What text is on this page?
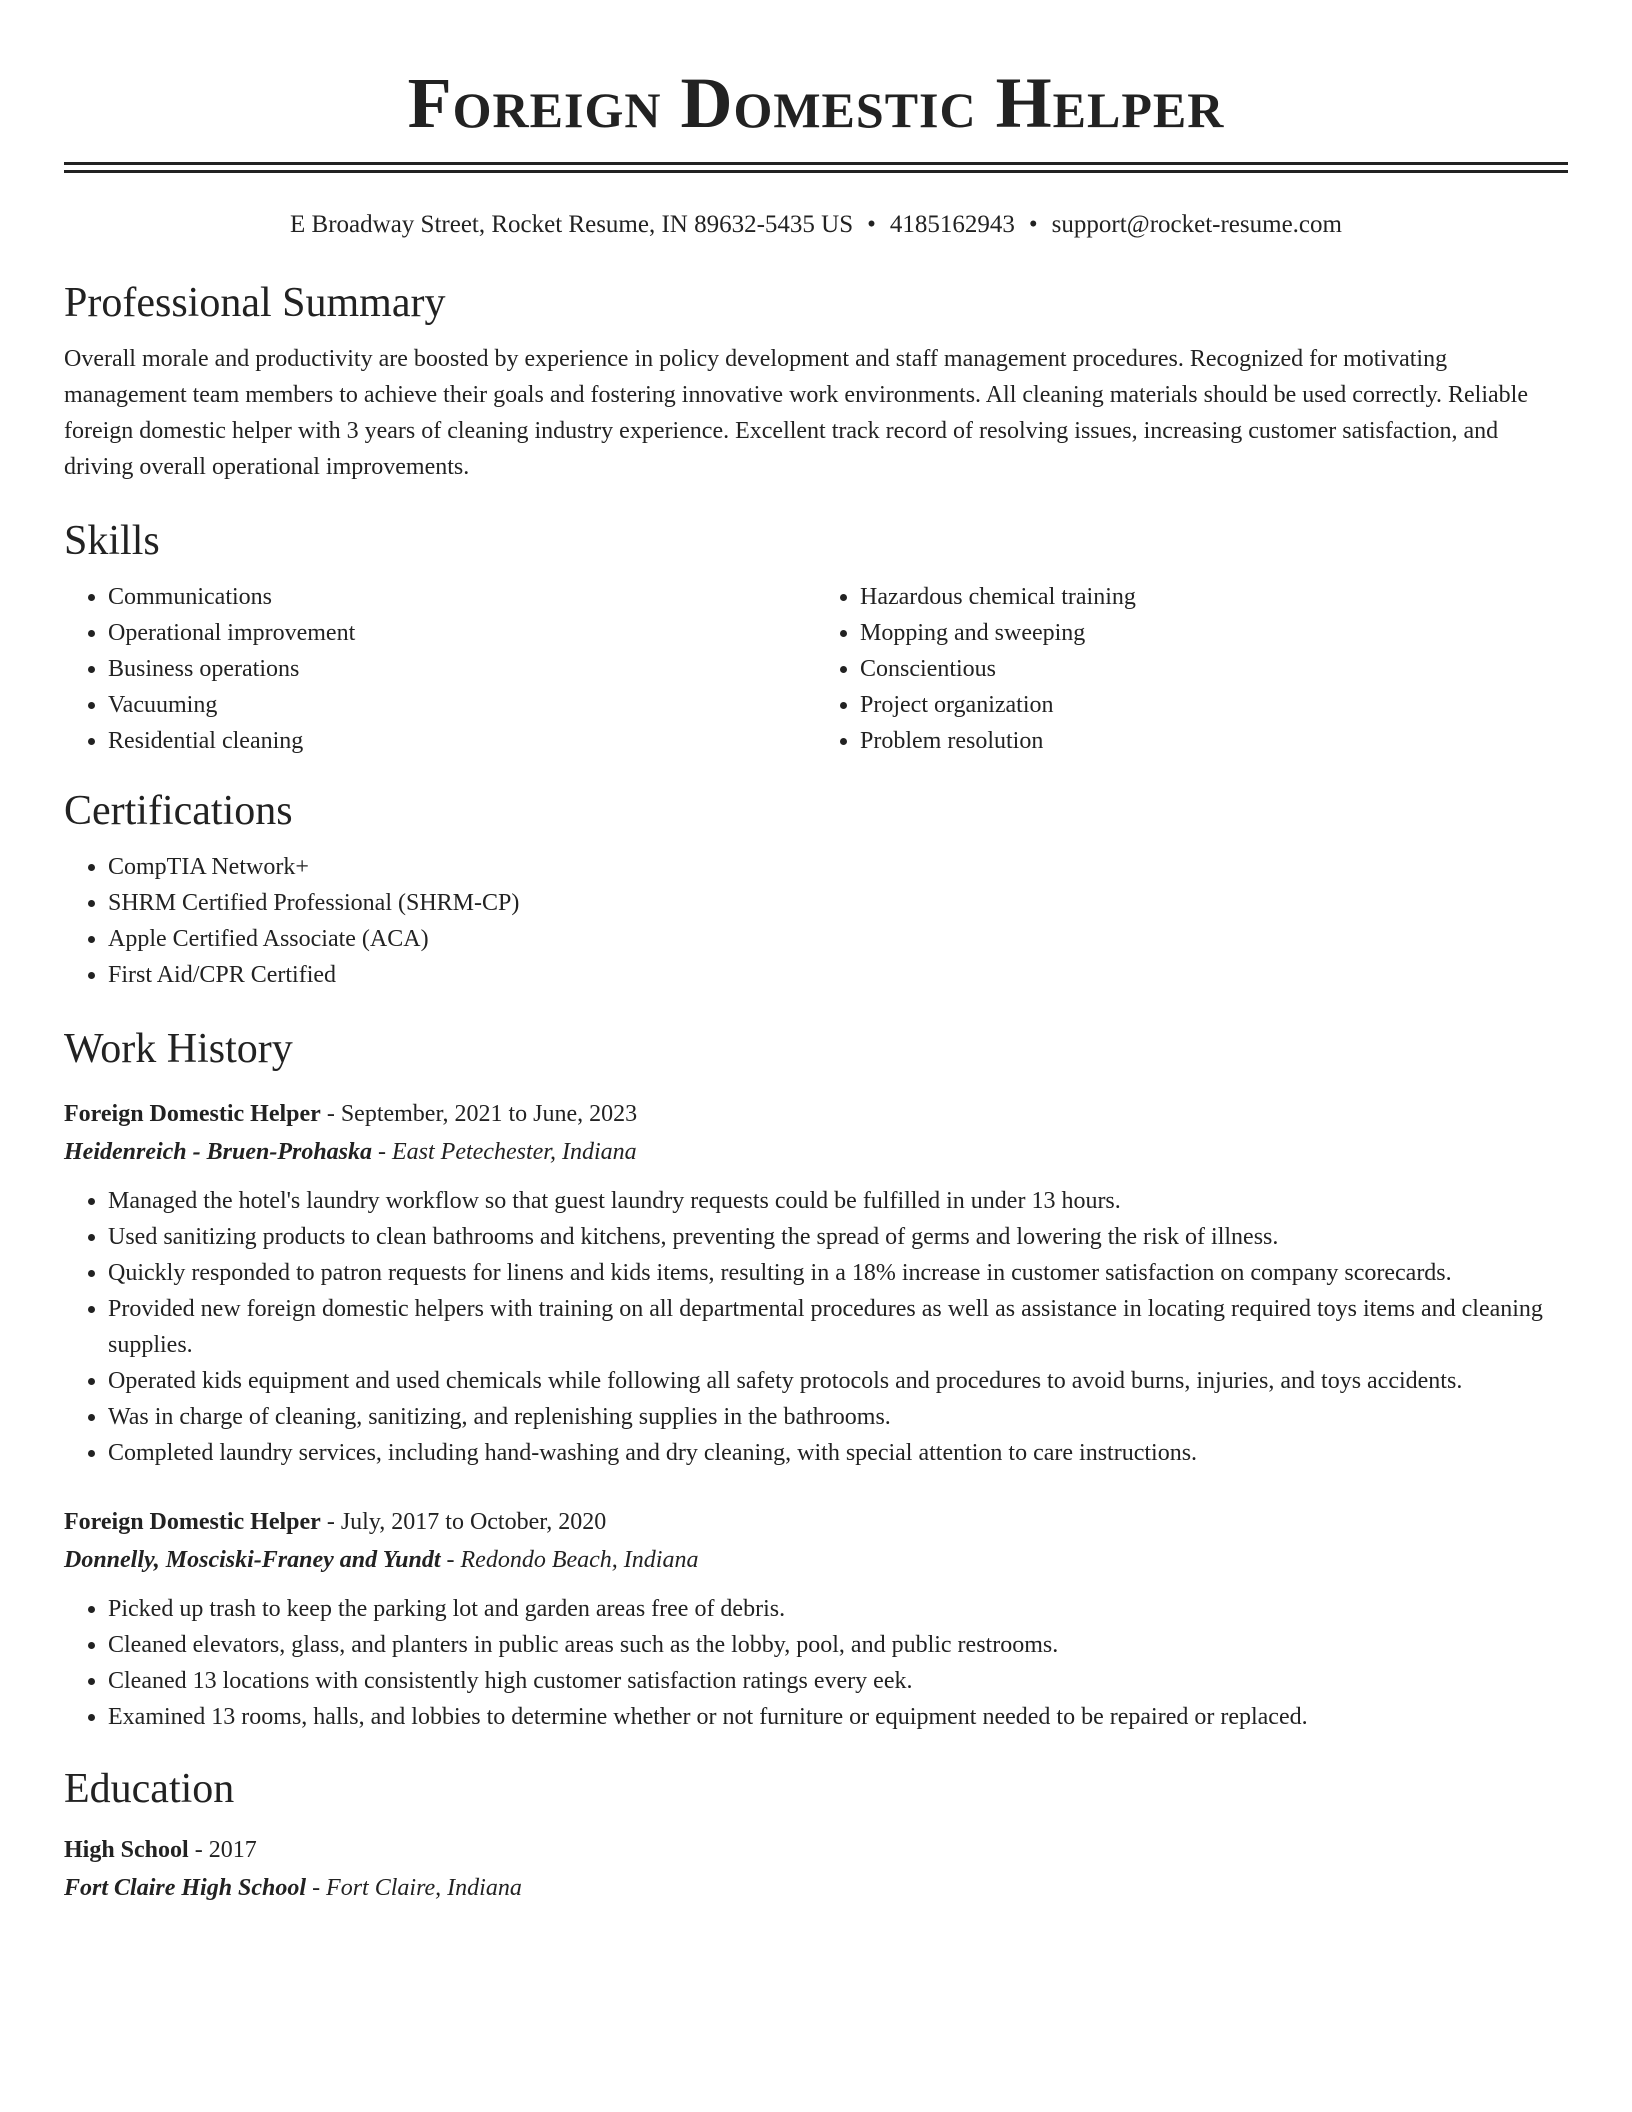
Foreign Domestic Helper
E Broadway Street, Rocket Resume, IN 89632-5435 US • 4185162943 • support@rocket-resume.com
Professional Summary

Overall morale and productivity are boosted by experience in policy development and staff management procedures. Recognized for motivating management team members to achieve their goals and fostering innovative work environments. All cleaning materials should be used correctly. Reliable foreign domestic helper with 3 years of cleaning industry experience. Excellent track record of resolving issues, increasing customer satisfaction, and driving overall operational improvements.

Skills
• Communications
• Operational improvement
• Business operations
• Vacuuming
• Residential cleaning
• Hazardous chemical training
• Mopping and sweeping
• Conscientious
• Project organization
• Problem resolution
Certifications
• CompTIA Network+
• SHRM Certified Professional (SHRM-CP)
• Apple Certified Associate (ACA)
• First Aid/CPR Certified
Work History
Foreign Domestic Helper - September, 2021 to June, 2023
Heidenreich - Bruen-Prohaska - East Petechester, Indiana
• Managed the hotel's laundry workflow so that guest laundry requests could be fulfilled in under 13 hours.
• Used sanitizing products to clean bathrooms and kitchens, preventing the spread of germs and lowering the risk of illness.
• Quickly responded to patron requests for linens and kids items, resulting in a 18% increase in customer satisfaction on company scorecards.
• Provided new foreign domestic helpers with training on all departmental procedures as well as assistance in locating required toys items and cleaning supplies.
• Operated kids equipment and used chemicals while following all safety protocols and procedures to avoid burns, injuries, and toys accidents.
• Was in charge of cleaning, sanitizing, and replenishing supplies in the bathrooms.
• Completed laundry services, including hand-washing and dry cleaning, with special attention to care instructions.
Foreign Domestic Helper - July, 2017 to October, 2020
Donnelly, Mosciski-Franey and Yundt - Redondo Beach, Indiana
• Picked up trash to keep the parking lot and garden areas free of debris.
• Cleaned elevators, glass, and planters in public areas such as the lobby, pool, and public restrooms.
• Cleaned 13 locations with consistently high customer satisfaction ratings every eek.
• Examined 13 rooms, halls, and lobbies to determine whether or not furniture or equipment needed to be repaired or replaced.
Education
High School - 2017
Fort Claire High School - Fort Claire, Indiana
